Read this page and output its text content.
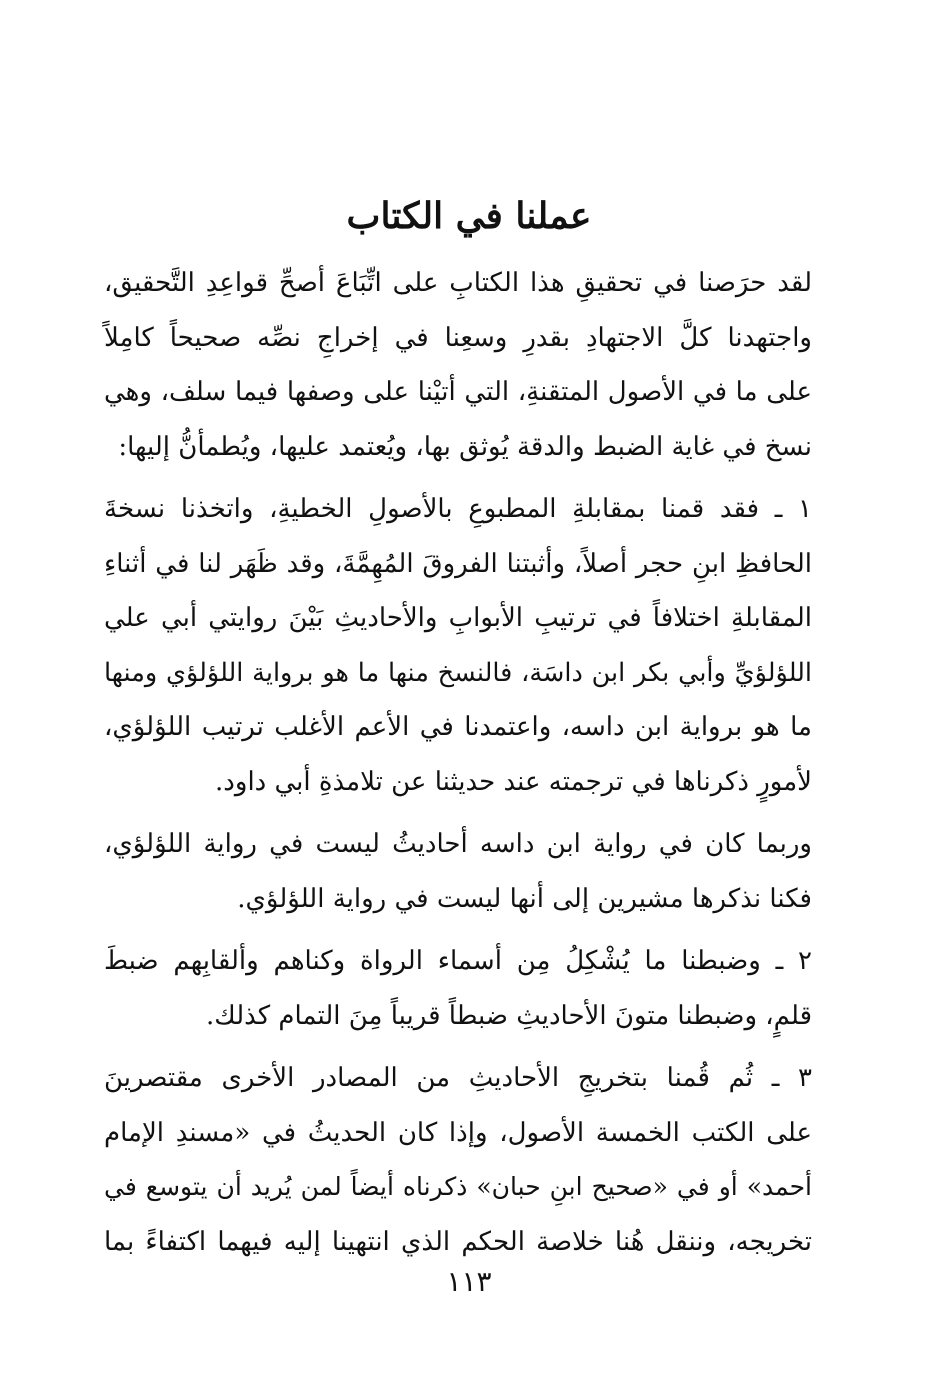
عملنا في الكتاب

لقد حرَصنا في تحقيقِ هذا الكتابِ على اتِّبَاعَ أصحِّ قواعِدِ التَّحقيق،
واجتهدنا كلَّ الاجتهادِ بقدرِ وسعِنا في إخراجِ نصِّه صحيحاً كامِلاً
على ما في الأصول المتقنةِ، التي أتيْنا على وصفها فيما سلف، وهي
نسخ في غاية الضبط والدقة يُوثق بها، ويُعتمد عليها، ويُطمأنُّ إليها:

١ ـ فقد قمنا بمقابلةِ المطبوعِ بالأصولِ الخطيةِ، واتخذنا نسخةَ
الحافظِ ابنِ حجر أصلاً، وأثبتنا الفروقَ المُهِمَّةَ، وقد ظَهَر لنا في أثناءِ
المقابلةِ اختلافاً في ترتيبِ الأبوابِ والأحاديثِ بَيْنَ روايتي أبي علي
اللؤلؤيِّ وأبي بكر ابن داسَة، فالنسخ منها ما هو برواية اللؤلؤي ومنها
ما هو برواية ابن داسه، واعتمدنا في الأعم الأغلب ترتيب اللؤلؤي،
لأمورٍ ذكرناها في ترجمته عند حديثنا عن تلامذةِ أبي داود.

وربما كان في رواية ابن داسه أحاديثُ ليست في رواية اللؤلؤي،
فكنا نذكرها مشيرين إلى أنها ليست في رواية اللؤلؤي.

٢ ـ وضبطنا ما يُشْكِلُ مِن أسماء الرواة وكناهم وألقابِهم ضبطَ
قلمٍ، وضبطنا متونَ الأحاديثِ ضبطاً قريباً مِنَ التمام كذلك.

٣ ـ ثُم قُمنا بتخريجِ الأحاديثِ من المصادر الأخرى مقتصرينَ
على الكتب الخمسة الأصول، وإذا كان الحديثُ في «مسندِ الإمام
أحمد» أو في «صحيح ابنِ حبان» ذكرناه أيضاً لمن يُريد أن يتوسع في
تخريجه، وننقل هُنا خلاصة الحكم الذي انتهينا إليه فيهما اكتفاءً بما

١١٣
